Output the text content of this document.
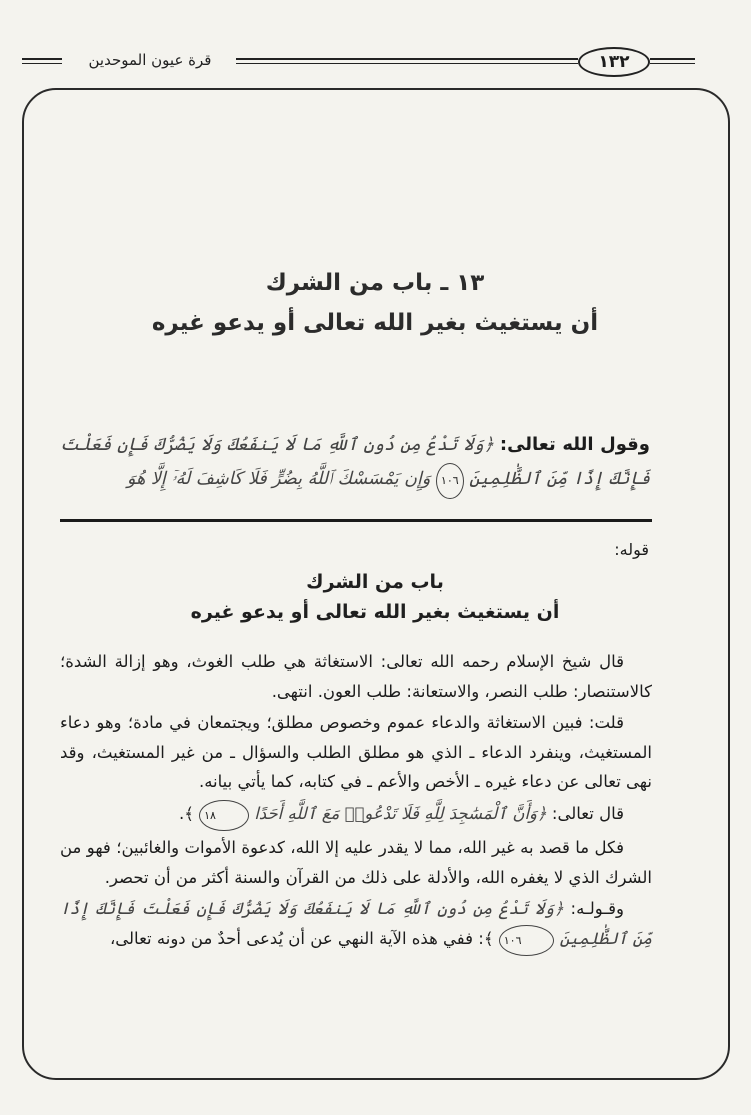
قرة عيون الموحدين	١٣٢
١٣ ـ باب من الشرك
أن يستغيث بغير الله تعالى أو يدعو غيره
وقول الله تعالى: ﴿وَلَا تَدْعُ مِن دُونِ ٱللَّهِ مَا لَا يَنفَعُكَ وَلَا يَضُرُّكَ فَإِن فَعَلْتَ فَإِنَّكَ إِذًا مِّنَ ٱلظَّٰلِمِينَ ١٠٦ وَإِن يَمْسَسْكَ ٱللَّهُ بِضُرٍّ فَلَا كَاشِفَ لَهُۥٓ إِلَّا هُوَ
قوله:
باب من الشرك
أن يستغيث بغير الله تعالى أو يدعو غيره

قال شيخ الإسلام رحمه الله تعالى: الاستغاثة هي طلب الغوث، وهو إزالة الشدة؛ كالاستنصار: طلب النصر، والاستعانة: طلب العون. انتهى.

قلت: فبين الاستغاثة والدعاء عموم وخصوص مطلق؛ ويجتمعان في مادة؛ وهو دعاء المستغيث، وينفرد الدعاء ـ الذي هو مطلق الطلب والسؤال ـ من غير المستغيث، وقد نهى تعالى عن دعاء غيره ـ الأخص والأعم ـ في كتابه، كما يأتي بيانه.

قال تعالى: ﴿وَأَنَّ ٱلْمَسَٰجِدَ لِلَّهِ فَلَا تَدْعُوا۟ مَعَ ٱللَّهِ أَحَدًا ١٨ ﴾.

فكل ما قصد به غير الله، مما لا يقدر عليه إلا الله، كدعوة الأموات والغائبين؛ فهو من الشرك الذي لا يغفره الله، والأدلة على ذلك من القرآن والسنة أكثر من أن تحصر.

وقـولـه: ﴿وَلَا تَدْعُ مِن دُونِ ٱللَّهِ مَا لَا يَنفَعُكَ وَلَا يَضُرُّكَ فَإِن فَعَلْتَ فَإِنَّكَ إِذًا مِّنَ ٱلظَّٰلِمِينَ ١٠٦ ﴾: ففي هذه الآية النهي عن أن يُدعى أحدٌ من دونه تعالى،
